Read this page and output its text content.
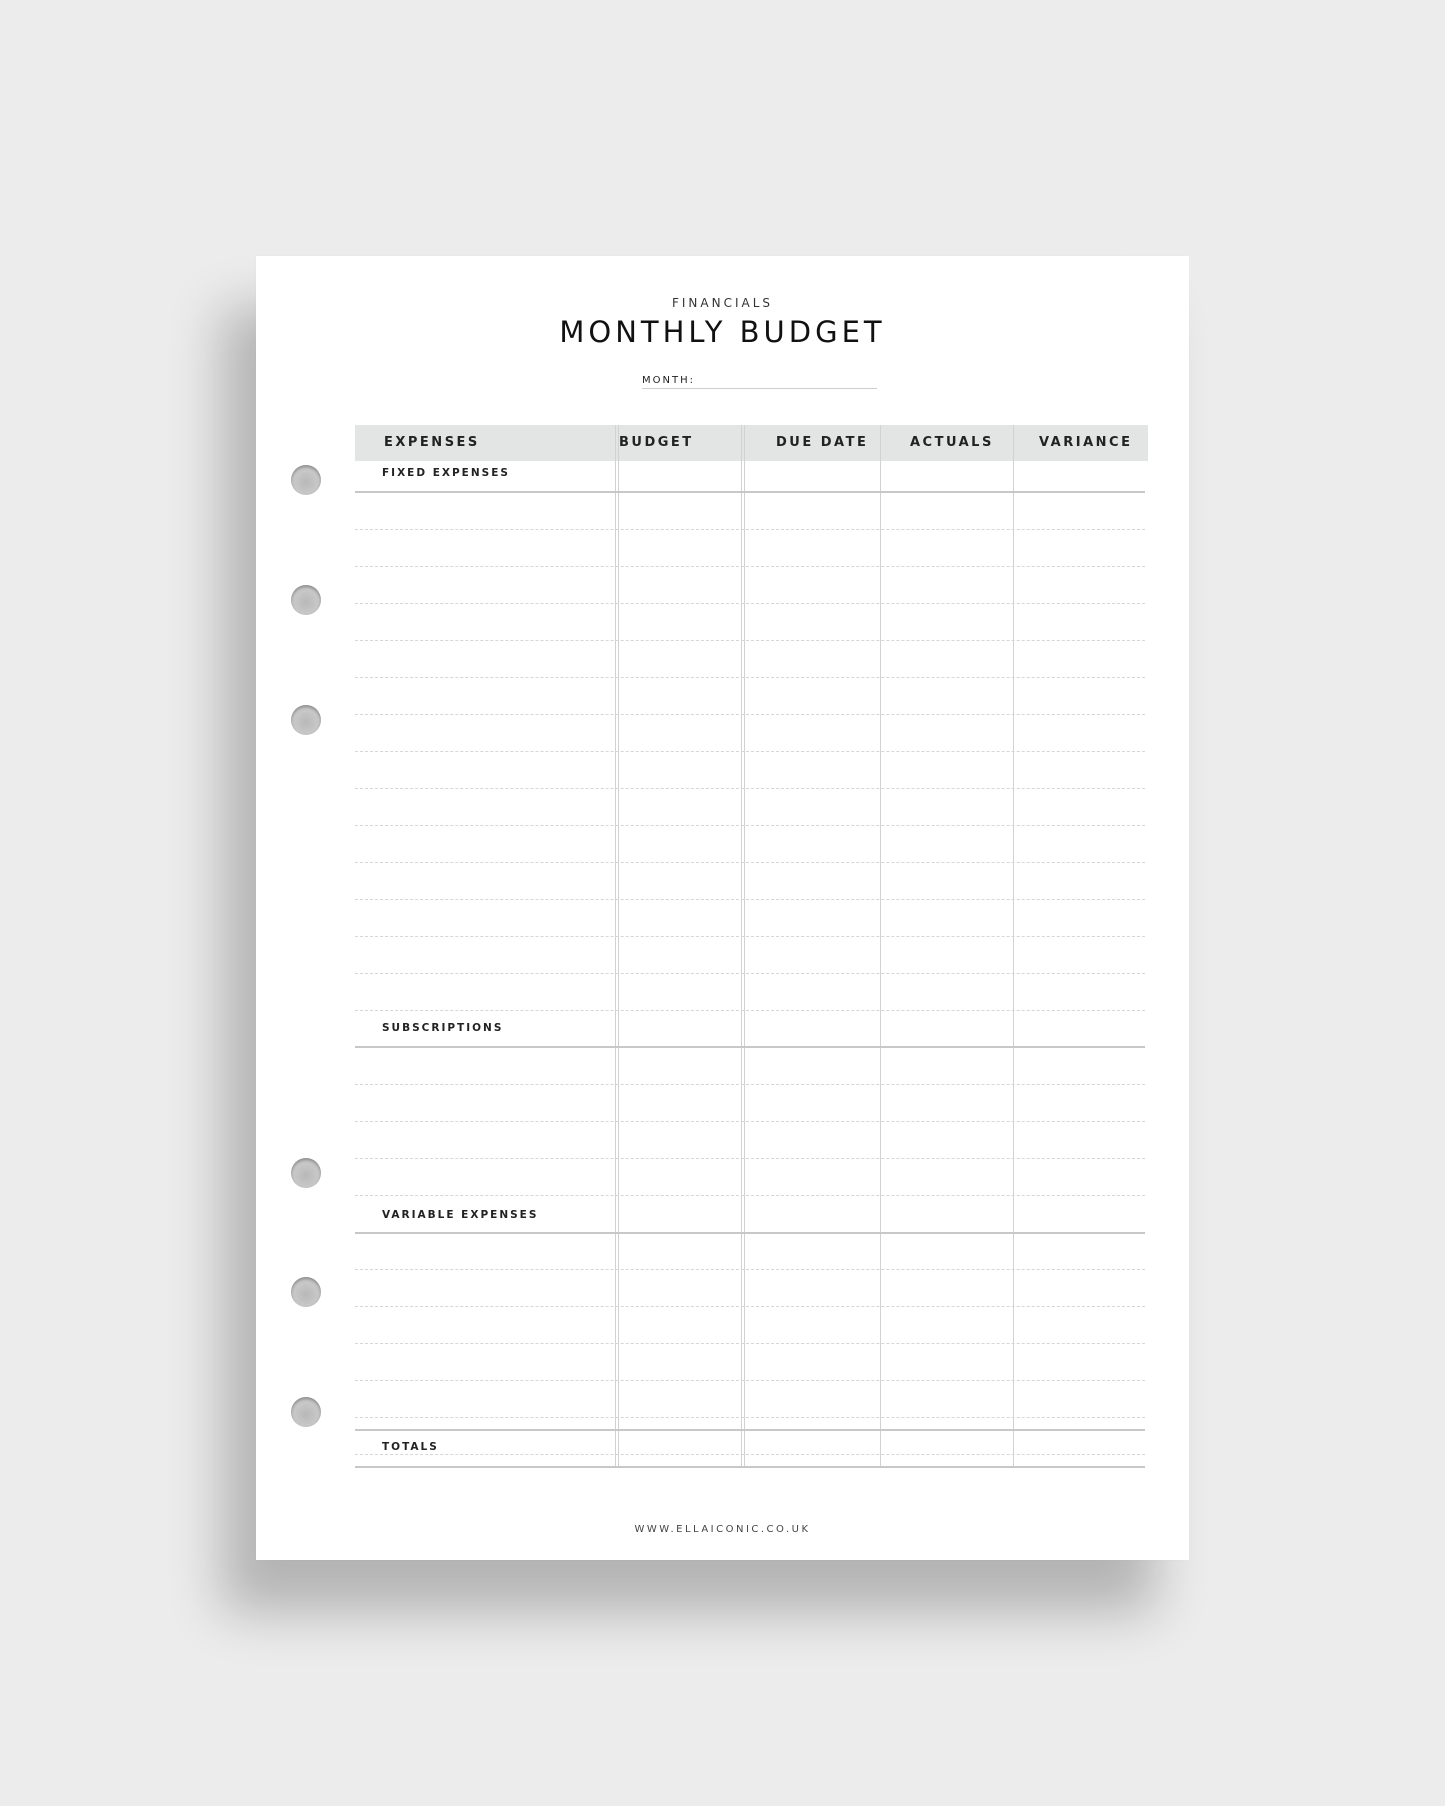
FINANCIALS
MONTHLY BUDGET
MONTH:
EXPENSES	BUDGET	DUE DATE	ACTUALS	VARIANCE
FIXED EXPENSES
SUBSCRIPTIONS
VARIABLE EXPENSES
TOTALS
WWW.ELLAICONIC.CO.UK
